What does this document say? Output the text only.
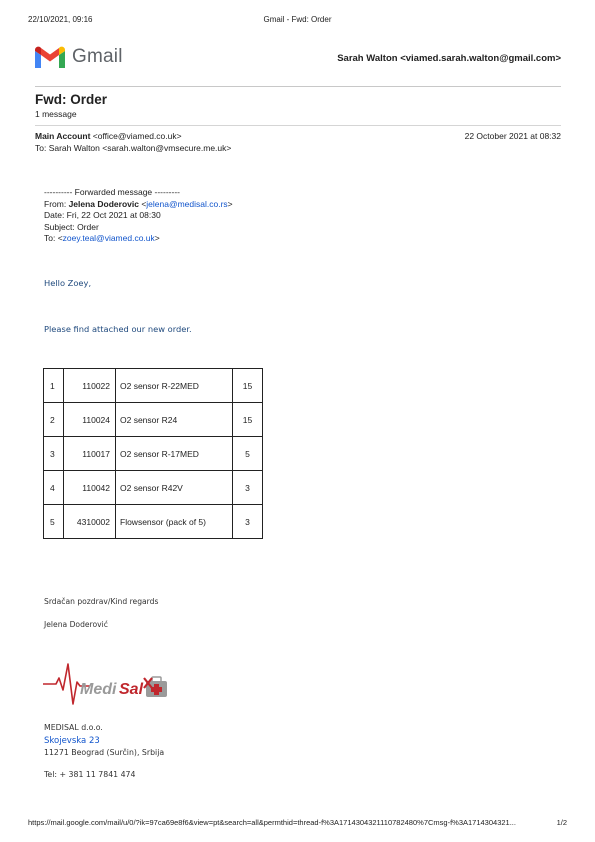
22/10/2021, 09:16	Gmail - Fwd: Order
Gmail	Sarah Walton <viamed.sarah.walton@gmail.com>
Fwd: Order
1 message
Main Account <office@viamed.co.uk>	22 October 2021 at 08:32
To: Sarah Walton <sarah.walton@vmsecure.me.uk>
---------- Forwarded message ---------
From: Jelena Doderovic <jelena@medisal.co.rs>
Date: Fri, 22 Oct 2021 at 08:30
Subject: Order
To: <zoey.teal@viamed.co.uk>
Hello Zoey,
Please find attached our new order.
1	110022	O2 sensor R-22MED	15
2	110024	O2 sensor R24	15
3	110017	O2 sensor R-17MED	5
4	110042	O2 sensor R42V	3
5	4310002	Flowsensor (pack of 5)	3
Srdačan pozdrav/Kind regards
Jelena Doderović
Medi Sal
MEDISAL d.o.o.
Skojevska 23
11271 Beograd (Surčin), Srbija
Tel: + 381 11 7841 474
https://mail.google.com/mail/u/0/?ik=97ca69e8f6&view=pt&search=all&permthid=thread-f%3A1714304321110782480%7Cmsg-f%3A1714304321...	1/2
